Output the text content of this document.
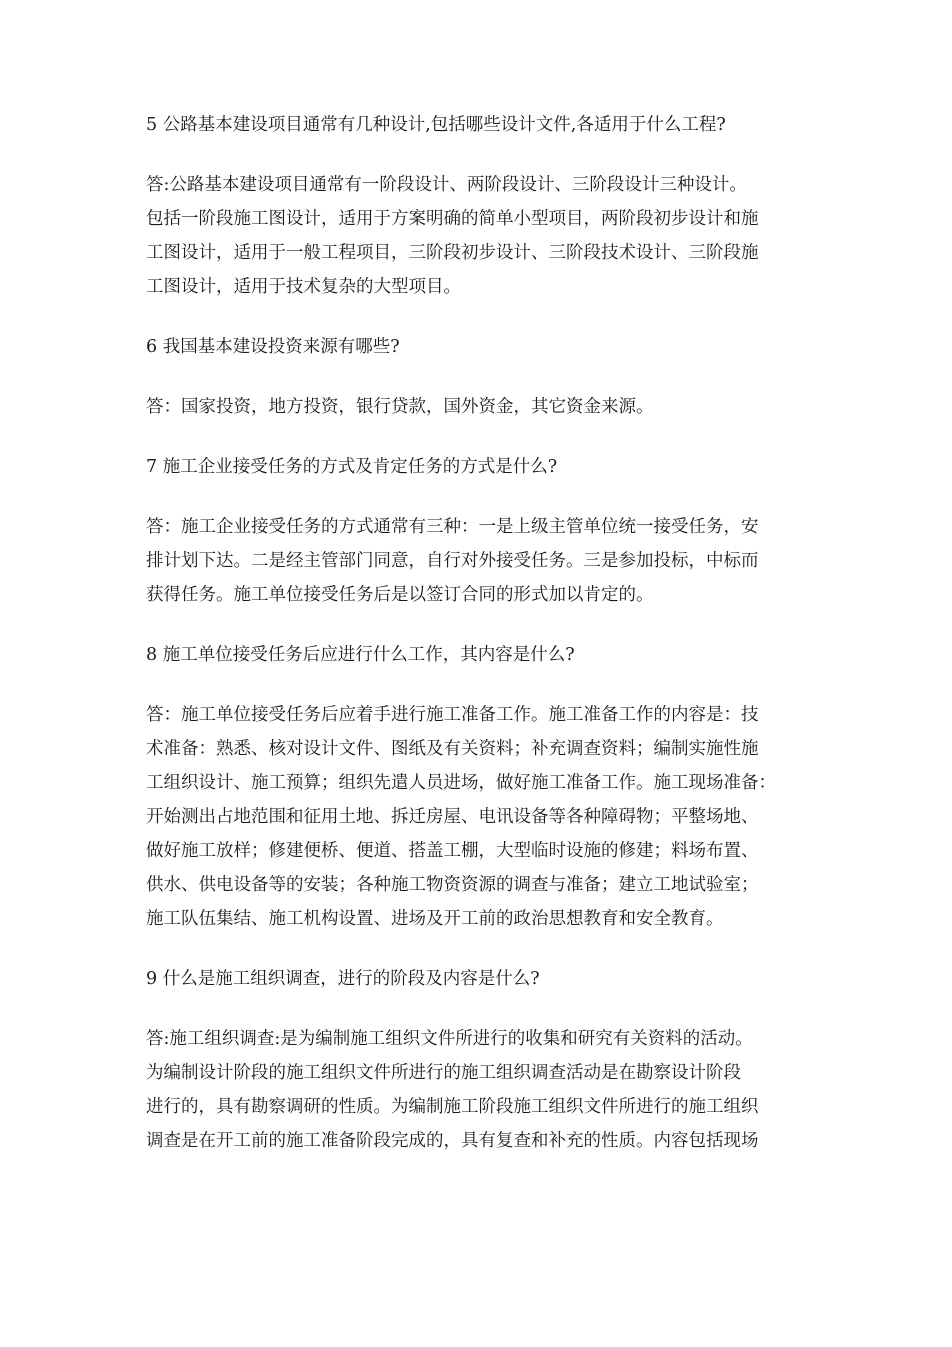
5 公路基本建设项目通常有几种设计,包括哪些设计文件,各适用于什么工程?

答:公路基本建设项目通常有一阶段设计、两阶段设计、三阶段设计三种设计。
包括一阶段施工图设计，适用于方案明确的简单小型项目，两阶段初步设计和施
工图设计，适用于一般工程项目，三阶段初步设计、三阶段技术设计、三阶段施
工图设计，适用于技术复杂的大型项目。

6 我国基本建设投资来源有哪些?

答：国家投资，地方投资，银行贷款，国外资金，其它资金来源。

7 施工企业接受任务的方式及肯定任务的方式是什么?

答：施工企业接受任务的方式通常有三种：一是上级主管单位统一接受任务，安
排计划下达。二是经主管部门同意，自行对外接受任务。三是参加投标，中标而
获得任务。施工单位接受任务后是以签订合同的形式加以肯定的。

8 施工单位接受任务后应进行什么工作，其内容是什么?

答：施工单位接受任务后应着手进行施工准备工作。施工准备工作的内容是：技
术准备：熟悉、核对设计文件、图纸及有关资料；补充调查资料；编制实施性施
工组织设计、施工预算；组织先遣人员进场，做好施工准备工作。施工现场准备：
开始测出占地范围和征用土地、拆迁房屋、电讯设备等各种障碍物；平整场地、
做好施工放样；修建便桥、便道、搭盖工棚，大型临时设施的修建；料场布置、
供水、供电设备等的安装；各种施工物资资源的调查与准备；建立工地试验室；
施工队伍集结、施工机构设置、进场及开工前的政治思想教育和安全教育。

9 什么是施工组织调查，进行的阶段及内容是什么?

答:施工组织调查:是为编制施工组织文件所进行的收集和研究有关资料的活动。
为编制设计阶段的施工组织文件所进行的施工组织调查活动是在勘察设计阶段
进行的，具有勘察调研的性质。为编制施工阶段施工组织文件所进行的施工组织
调查是在开工前的施工准备阶段完成的，具有复查和补充的性质。内容包括现场
